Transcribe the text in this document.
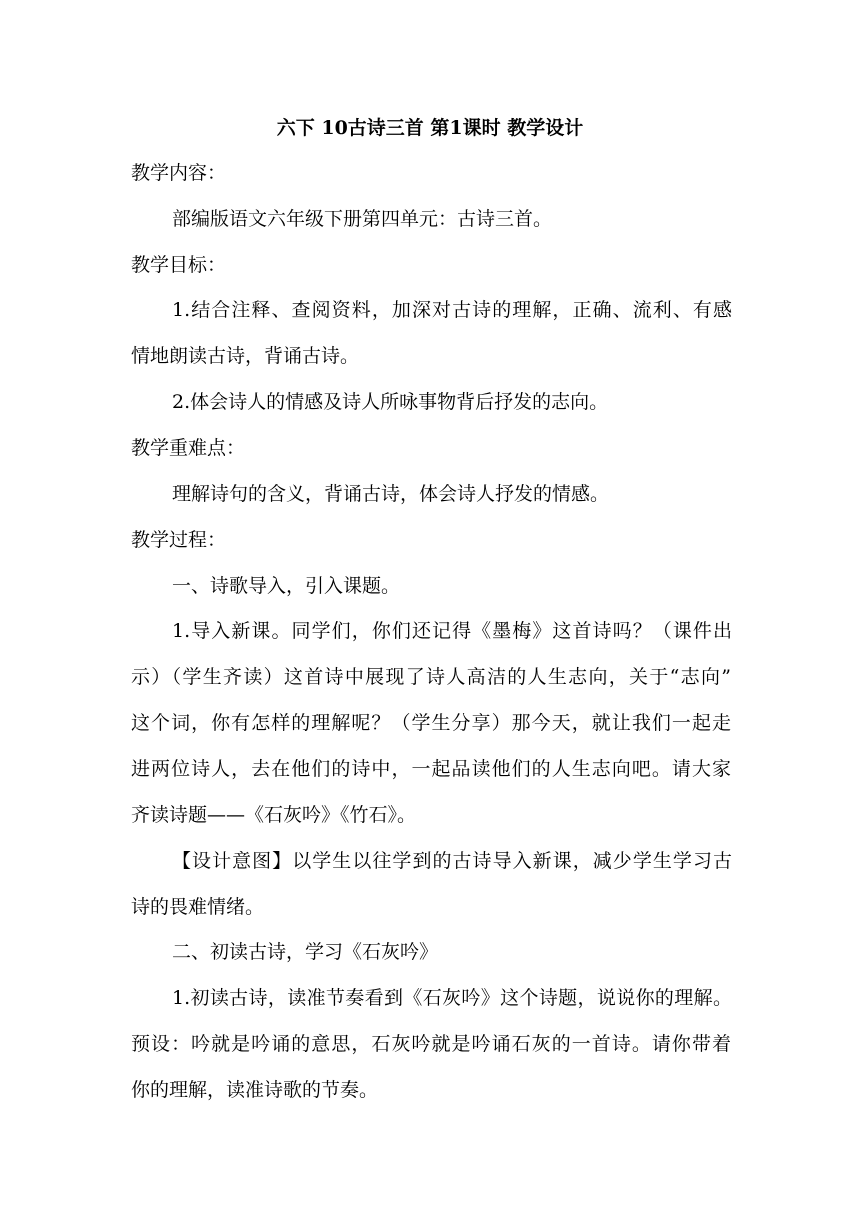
六下 10古诗三首 第1课时 教学设计
教学内容：
部编版语文六年级下册第四单元：古诗三首。
教学目标：
1.结合注释、查阅资料，加深对古诗的理解，正确、流利、有感
情地朗读古诗，背诵古诗。
2.体会诗人的情感及诗人所咏事物背后抒发的志向。
教学重难点：
理解诗句的含义，背诵古诗，体会诗人抒发的情感。
教学过程：
一、诗歌导入，引入课题。
1.导入新课。同学们，你们还记得《墨梅》这首诗吗？（课件出
示）（学生齐读）这首诗中展现了诗人高洁的人生志向，关于“志向”
这个词，你有怎样的理解呢？（学生分享）那今天，就让我们一起走
进两位诗人，去在他们的诗中，一起品读他们的人生志向吧。请大家
齐读诗题——《石灰吟》《竹石》。
【设计意图】以学生以往学到的古诗导入新课，减少学生学习古
诗的畏难情绪。
二、初读古诗，学习《石灰吟》
1.初读古诗，读准节奏看到《石灰吟》这个诗题，说说你的理解。
预设：吟就是吟诵的意思，石灰吟就是吟诵石灰的一首诗。请你带着
你的理解，读准诗歌的节奏。
